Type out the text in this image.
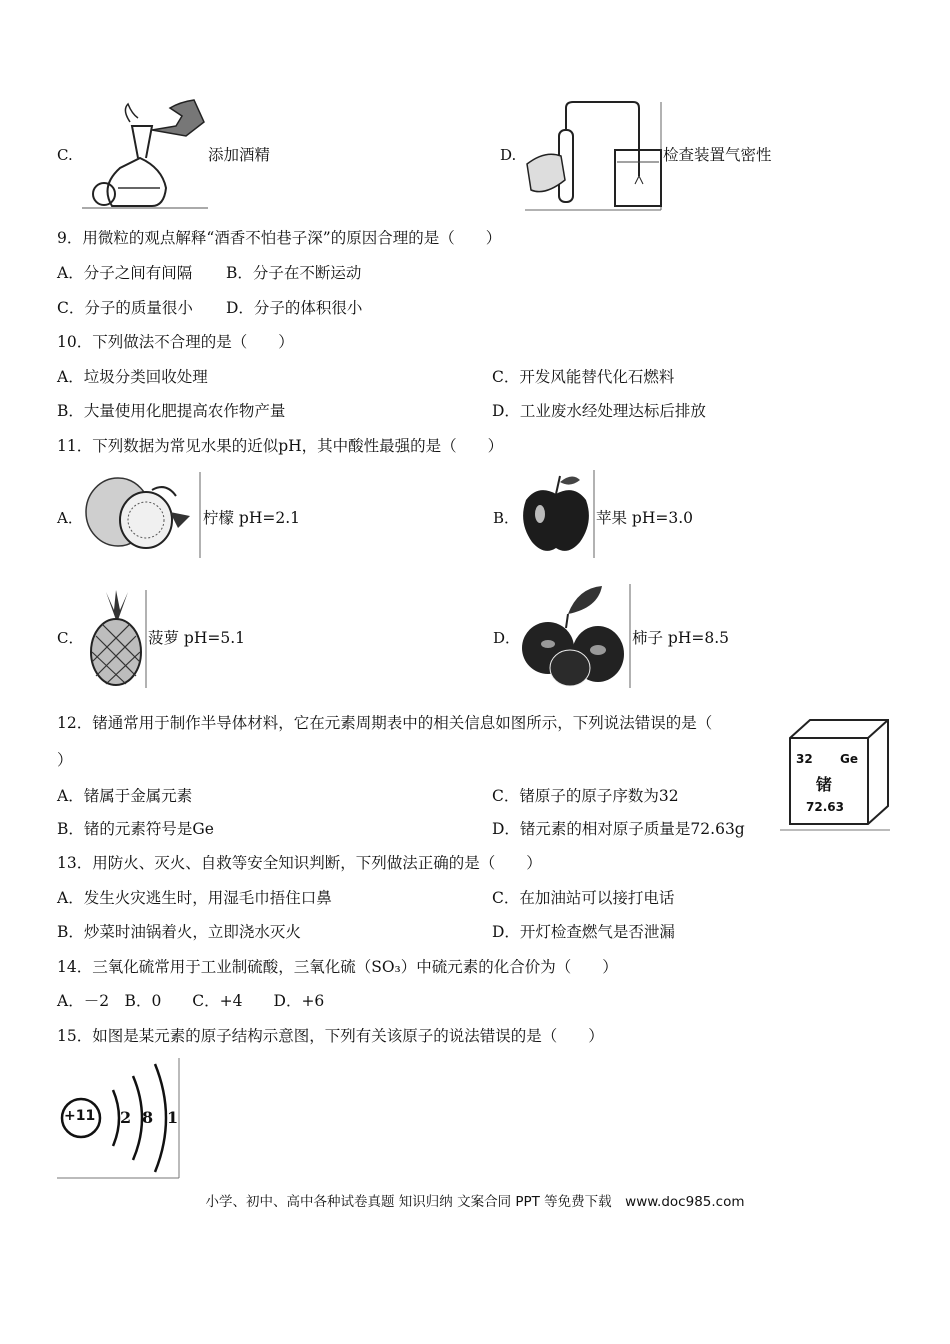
C.	添加酒精	D.	检查装置气密性
9．用微粒的观点解释“酒香不怕巷子深”的原因合理的是（　　）
A．分子之间有间隔 B．分子在不断运动
C．分子的质量很小 D．分子的体积很小
10．下列做法不合理的是（　　）
A．垃圾分类回收处理	C．开发风能替代化石燃料
B．大量使用化肥提高农作物产量	D．工业废水经处理达标后排放
11．下列数据为常见水果的近似pH，其中酸性最强的是（　　）
A．	柠檬 pH=2.1	B．	苹果 pH=3.0
C．	菠萝 pH=5.1	D．	柿子 pH=8.5
12．锗通常用于制作半导体材料，它在元素周期表中的相关信息如图所示，下列说法错误的是（
）
A．锗属于金属元素	C．锗原子的原子序数为32
B．锗的元素符号是Ge	D．锗元素的相对原子质量是72.63g
32 Ge
锗
72.63
13．用防火、灭火、自救等安全知识判断，下列做法正确的是（　　）
A．发生火灾逃生时，用湿毛巾捂住口鼻	C．在加油站可以接打电话
B．炒菜时油锅着火，立即浇水灭火	D．开灯检查燃气是否泄漏
14．三氧化硫常用于工业制硫酸，三氧化硫（SO₃）中硫元素的化合价为（　　）
A．－2　B．0　　C．+4　　D．+6
15．如图是某元素的原子结构示意图，下列有关该原子的说法错误的是（　　）
+11 2 8 1
小学、初中、高中各种试卷真题 知识归纳 文案合同 PPT 等免费下载　www.doc985.com
